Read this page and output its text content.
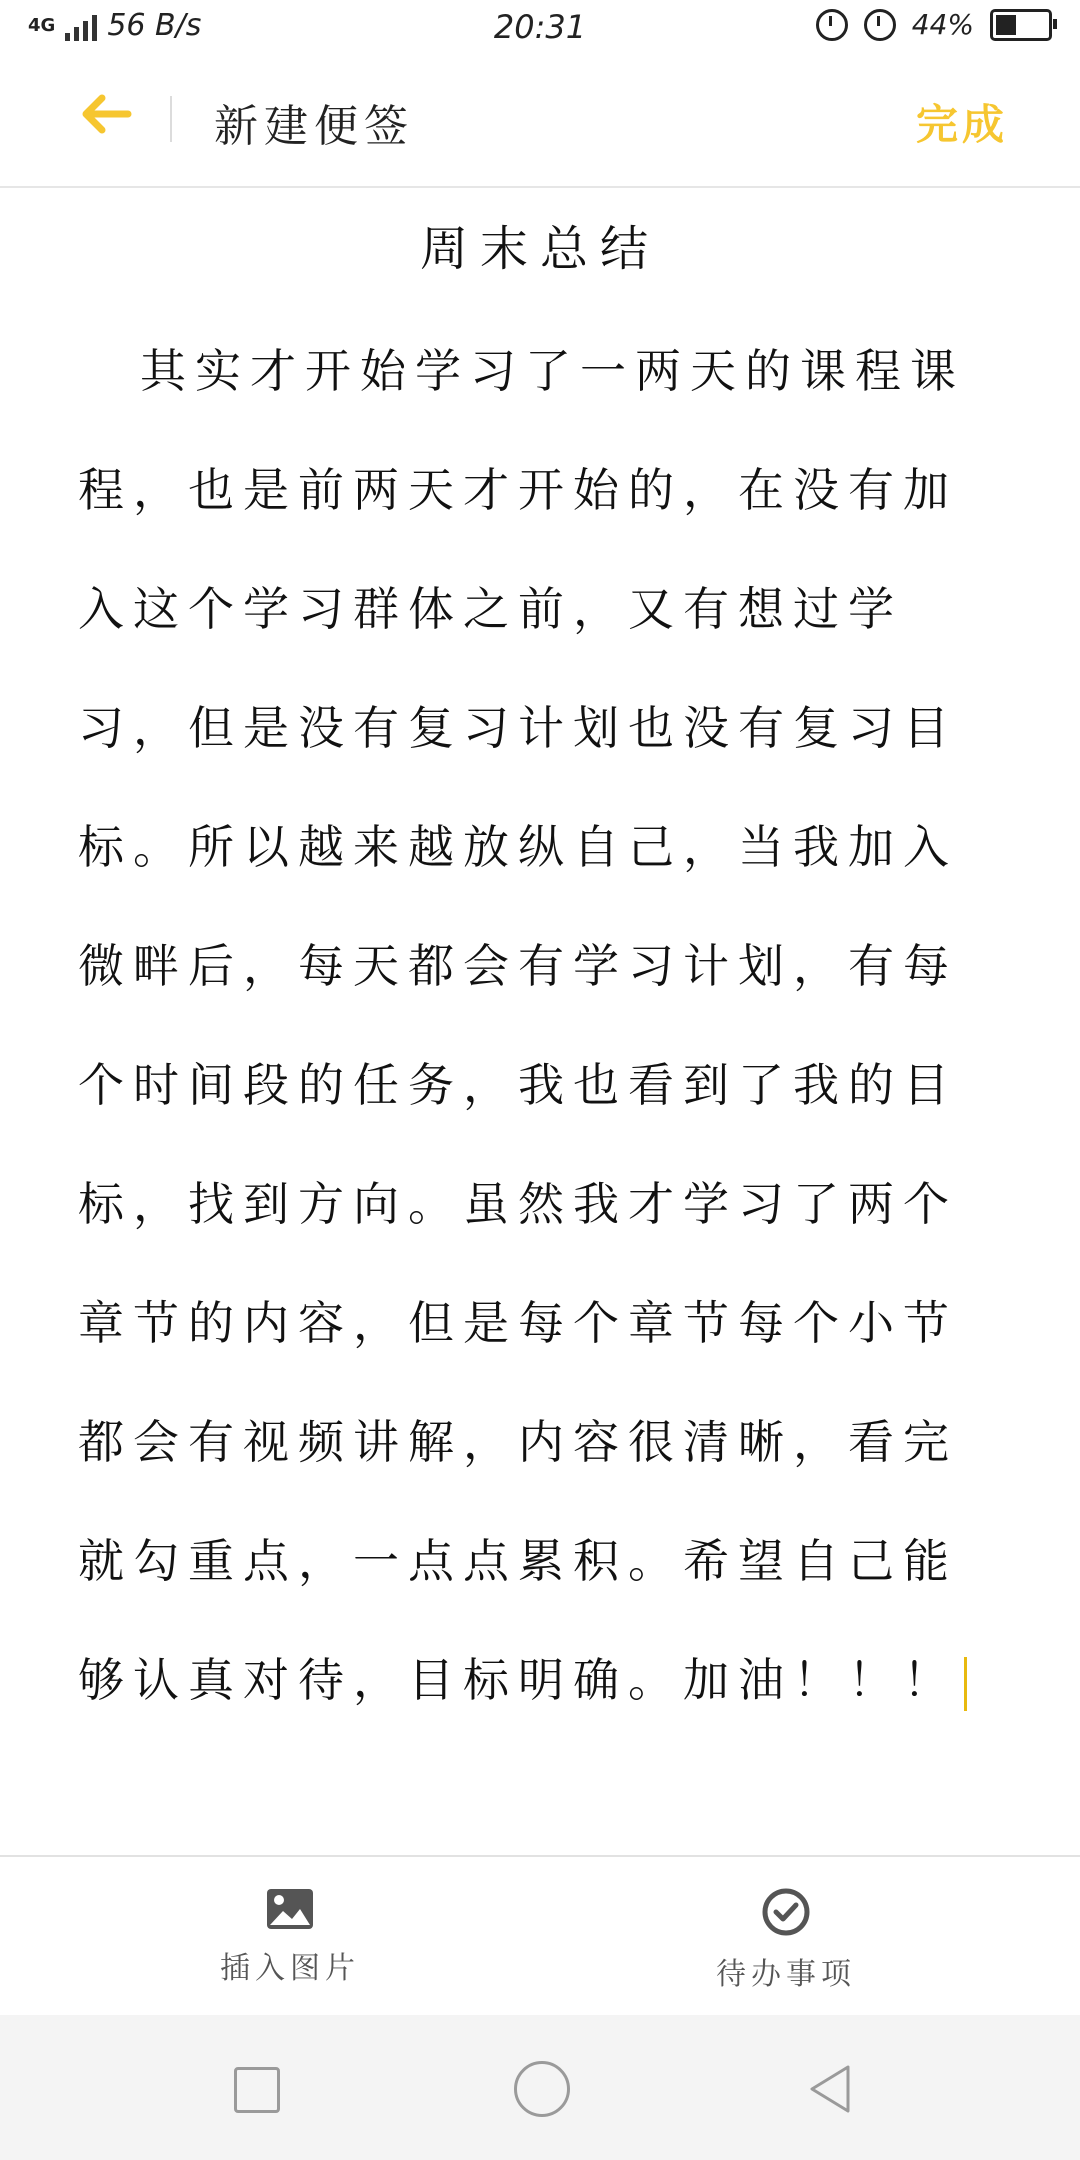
4G 56 B/s	20:31	44%
新建便签	完成
周末总结
其实才开始学习了一两天的课程课程，也是前两天才开始的，在没有加入这个学习群体之前，又有想过学习，但是没有复习计划也没有复习目标。所以越来越放纵自己，当我加入微畔后，每天都会有学习计划，有每个时间段的任务，我也看到了我的目标，找到方向。虽然我才学习了两个章节的内容，但是每个章节每个小节都会有视频讲解，内容很清晰，看完就勾重点，一点点累积。希望自己能够认真对待，目标明确。加油！！！
插入图片	待办事项
